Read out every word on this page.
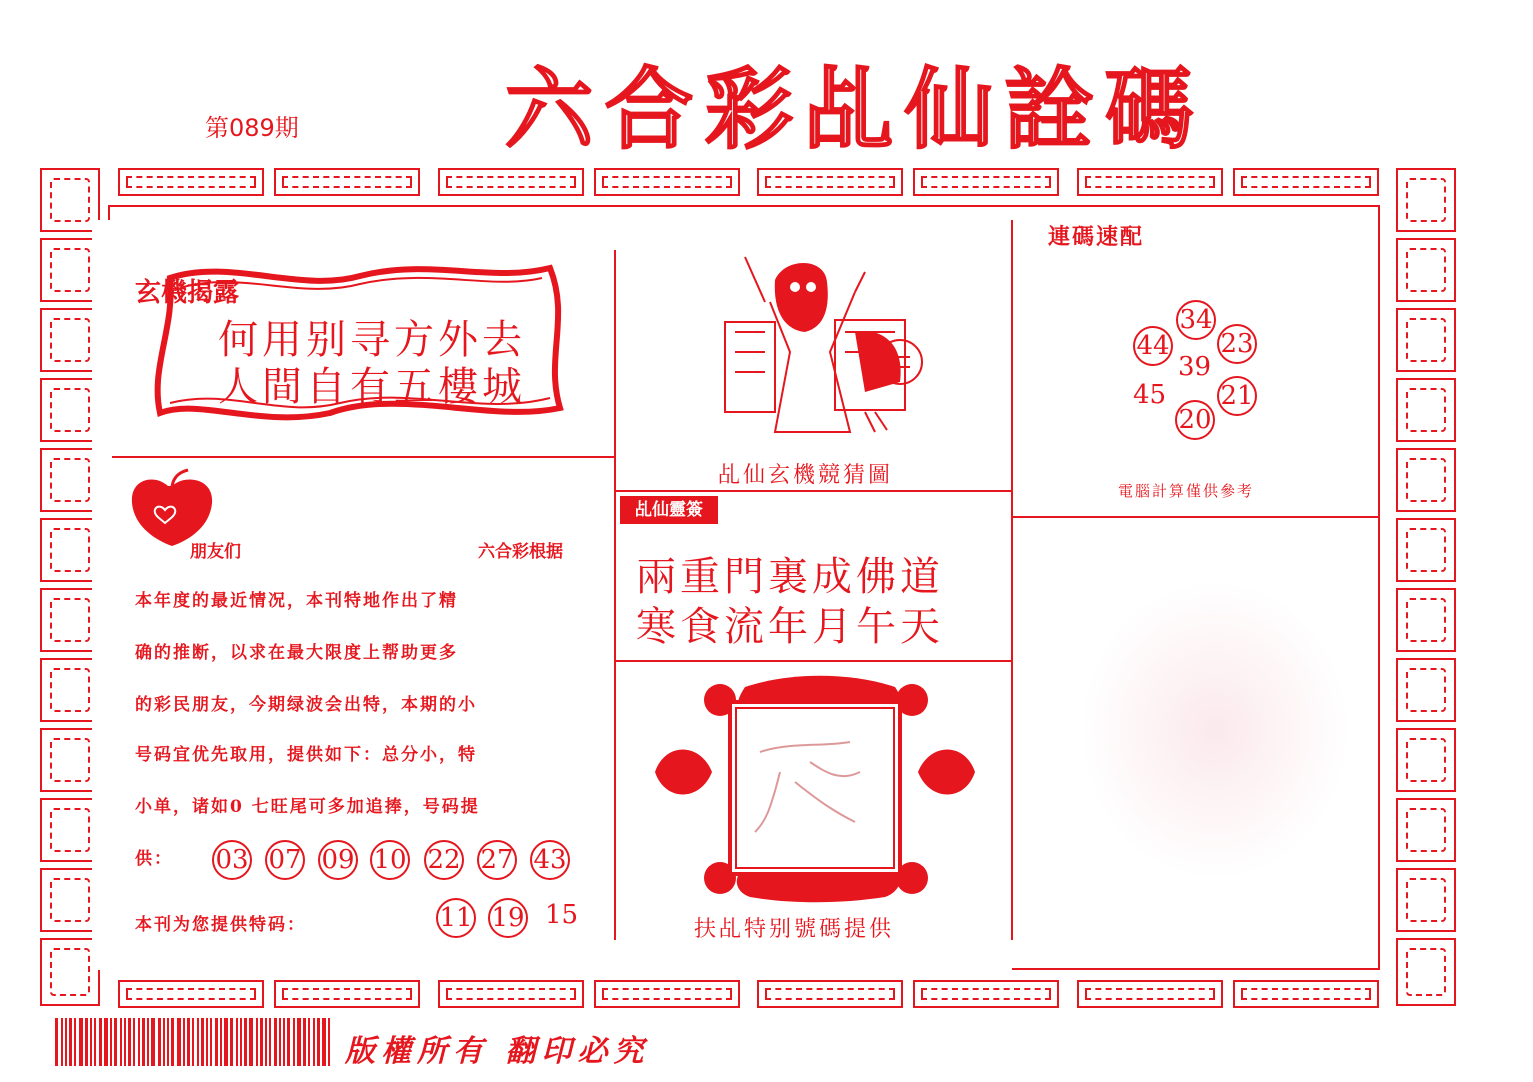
第089期 六合彩乩仙詮碼
玄機揭露
何用别寻方外去
人間自有五樓城
乩仙玄機競猜圖
朋友们	六合彩根据
本年度的最近情况，本刊特地作出了精
确的推断，以求在最大限度上帮助更多
的彩民朋友，今期绿波会出特，本期的小
号码宜优先取用，提供如下：总分小，特
小单，诸如0 七旺尾可多加追捧，号码提
供： 03 07 09 10 22 27 43
本刊为您提供特码：	11 19 15
乩仙靈簽
兩重門裏成佛道
寒食流年月午天
扶乩特别號碼提供
連碼速配
34
44 23
21
20
39
45
電腦計算僅供參考
版權所有 翻印必究
